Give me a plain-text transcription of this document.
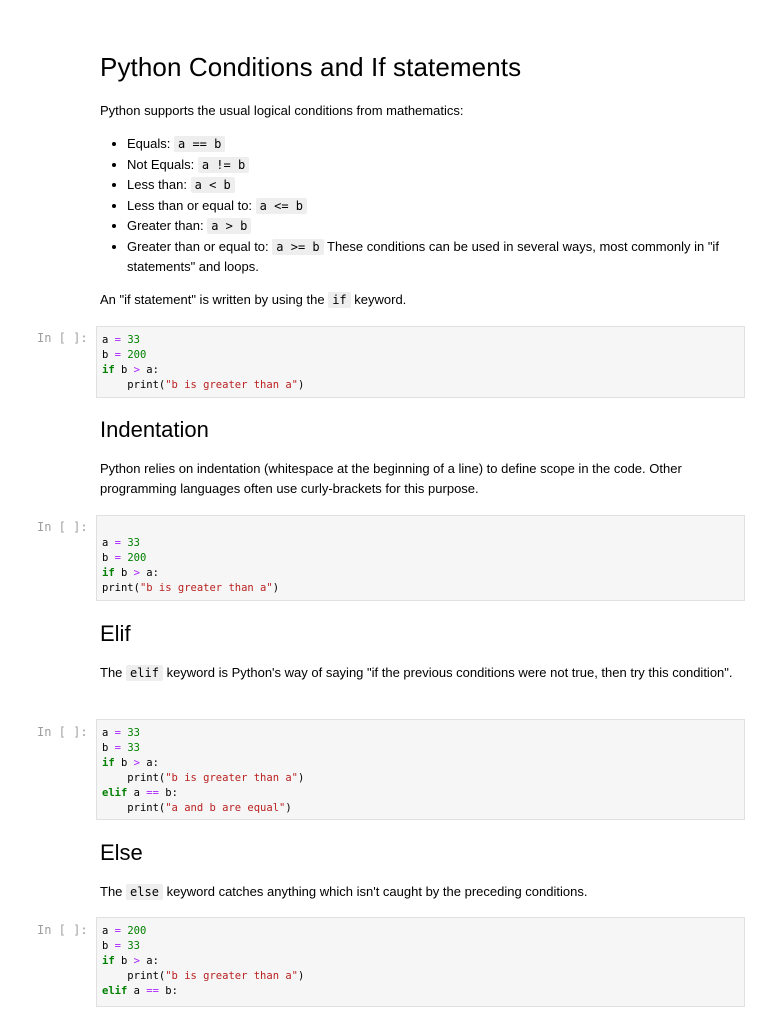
Python Conditions and If statements

Python supports the usual logical conditions from mathematics:

• Equals: a == b
• Not Equals: a != b
• Less than: a < b
• Less than or equal to: a <= b
• Greater than: a > b
• Greater than or equal to: a >= b These conditions can be used in several ways, most commonly in "if statements" and loops.

An "if statement" is written by using the if keyword.

In [ ]:	a = 33
b = 200
if b > a:
print("b is greater than a")
Indentation

Python relies on indentation (whitespace at the beginning of a line) to define scope in the code. Other programming languages often use curly-brackets for this purpose.

In [ ]:
a = 33
b = 200
if b > a:
print("b is greater than a")
Elif

The elif keyword is Python's way of saying "if the previous conditions were not true, then try this condition".

In [ ]:	a = 33
b = 33
if b > a:
print("b is greater than a")
elif a == b:
print("a and b are equal")
Else

The else keyword catches anything which isn't caught by the preceding conditions.

In [ ]:	a = 200
b = 33
if b > a:
print("b is greater than a")
elif a == b:
